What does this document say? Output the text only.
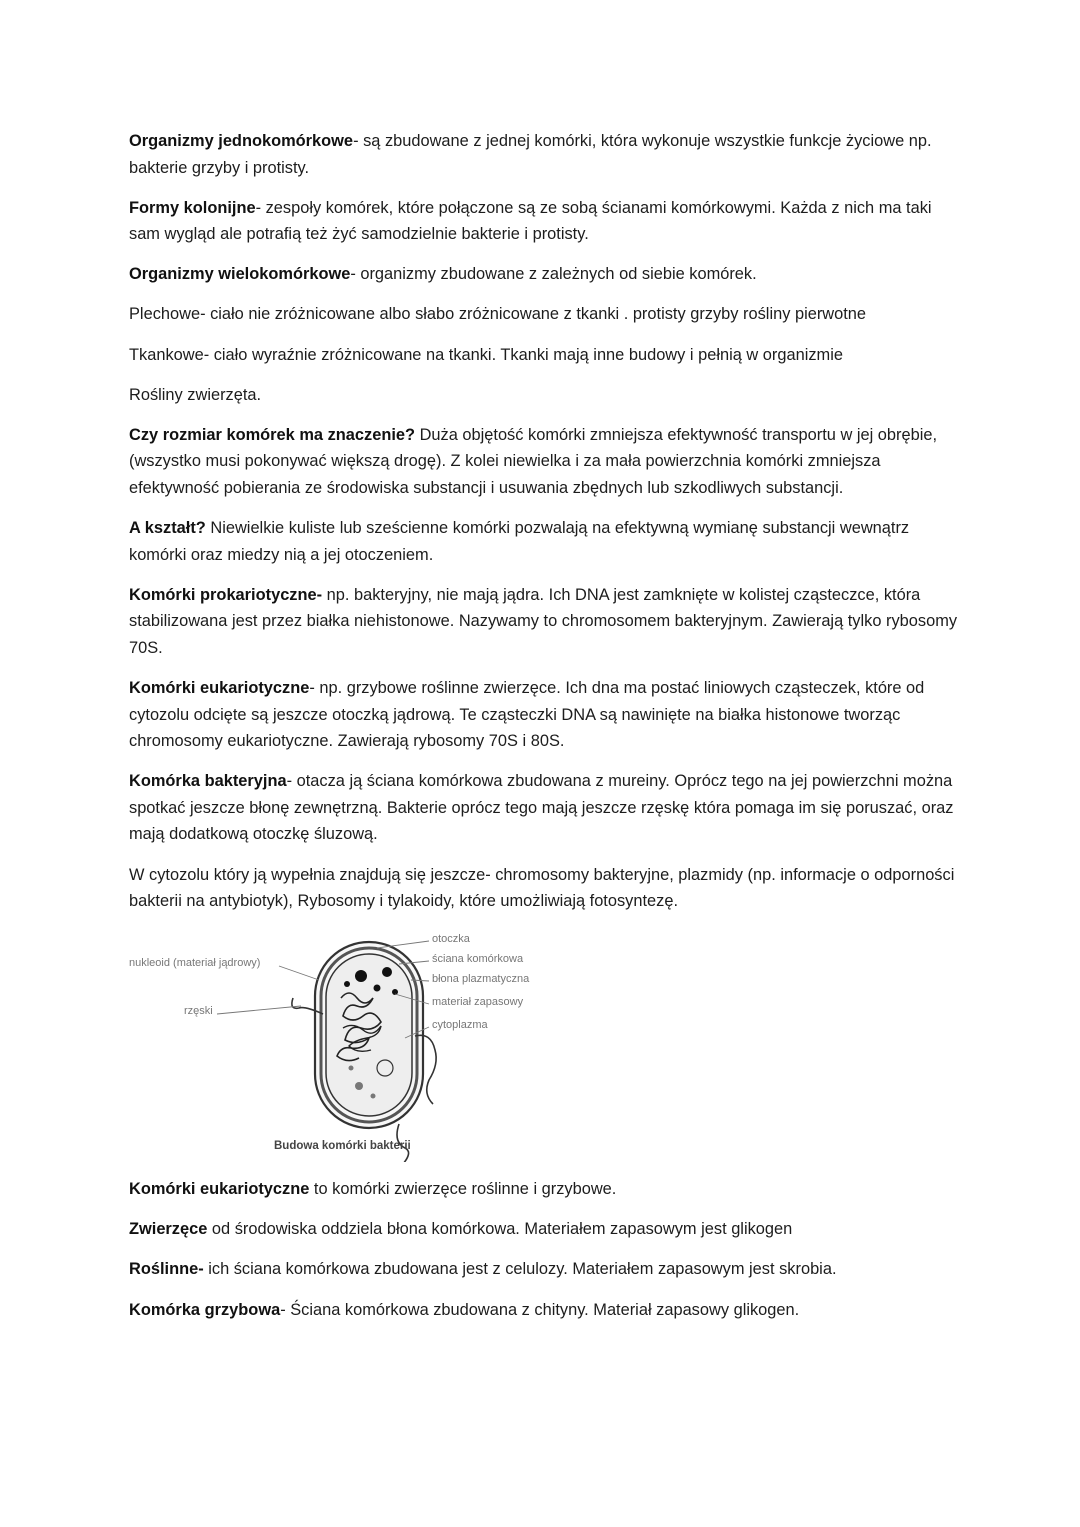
Organizmy jednokomórkowe- są zbudowane z jednej komórki, która wykonuje wszystkie funkcje życiowe np. bakterie grzyby i protisty.

Formy kolonijne- zespoły komórek, które połączone są ze sobą ścianami komórkowymi. Każda z nich ma taki sam wygląd ale potrafią też żyć samodzielnie bakterie i protisty.

Organizmy wielokomórkowe- organizmy zbudowane z zależnych od siebie komórek.

Plechowe- ciało nie zróżnicowane albo słabo zróżnicowane z tkanki . protisty grzyby rośliny pierwotne

Tkankowe- ciało wyraźnie zróżnicowane na tkanki. Tkanki mają inne budowy i pełnią w organizmie

Rośliny zwierzęta.

Czy rozmiar komórek ma znaczenie? Duża objętość komórki zmniejsza efektywność transportu w jej obrębie, (wszystko musi pokonywać większą drogę). Z kolei niewielka i za mała powierzchnia komórki zmniejsza efektywność pobierania ze środowiska substancji i usuwania zbędnych lub szkodliwych substancji.

A kształt? Niewielkie kuliste lub sześcienne komórki pozwalają na efektywną wymianę substancji wewnątrz komórki oraz miedzy nią a jej otoczeniem.

Komórki prokariotyczne- np. bakteryjny, nie mają jądra. Ich DNA jest zamknięte w kolistej cząsteczce, która stabilizowana jest przez białka niehistonowe. Nazywamy to chromosomem bakteryjnym. Zawierają tylko rybosomy 70S.

Komórki eukariotyczne- np. grzybowe roślinne zwierzęce. Ich dna ma postać liniowych cząsteczek, które od cytozolu odcięte są jeszcze otoczką jądrową. Te cząsteczki DNA są nawinięte na białka histonowe tworząc chromosomy eukariotyczne. Zawierają rybosomy 70S i 80S.

Komórka bakteryjna- otacza ją ściana komórkowa zbudowana z mureiny. Oprócz tego na jej powierzchni można spotkać jeszcze błonę zewnętrzną. Bakterie oprócz tego mają jeszcze rzęskę która pomaga im się poruszać, oraz mają dodatkową otoczkę śluzową.

W cytozolu który ją wypełnia znajdują się jeszcze- chromosomy bakteryjne, plazmidy (np. informacje o odporności bakterii na antybiotyk), Rybosomy i tylakoidy, które umożliwiają fotosyntezę.

nukleoid (materiał jądrowy)
rzęski
otoczka
ściana komórkowa
błona plazmatyczna
materiał zapasowy
cytoplazma
Budowa komórki bakterii

Komórki eukariotyczne to komórki zwierzęce roślinne i grzybowe.

Zwierzęce od środowiska oddziela błona komórkowa. Materiałem zapasowym jest glikogen

Roślinne- ich ściana komórkowa zbudowana jest z celulozy. Materiałem zapasowym jest skrobia.

Komórka grzybowa- Ściana komórkowa zbudowana z chityny. Materiał zapasowy glikogen.
